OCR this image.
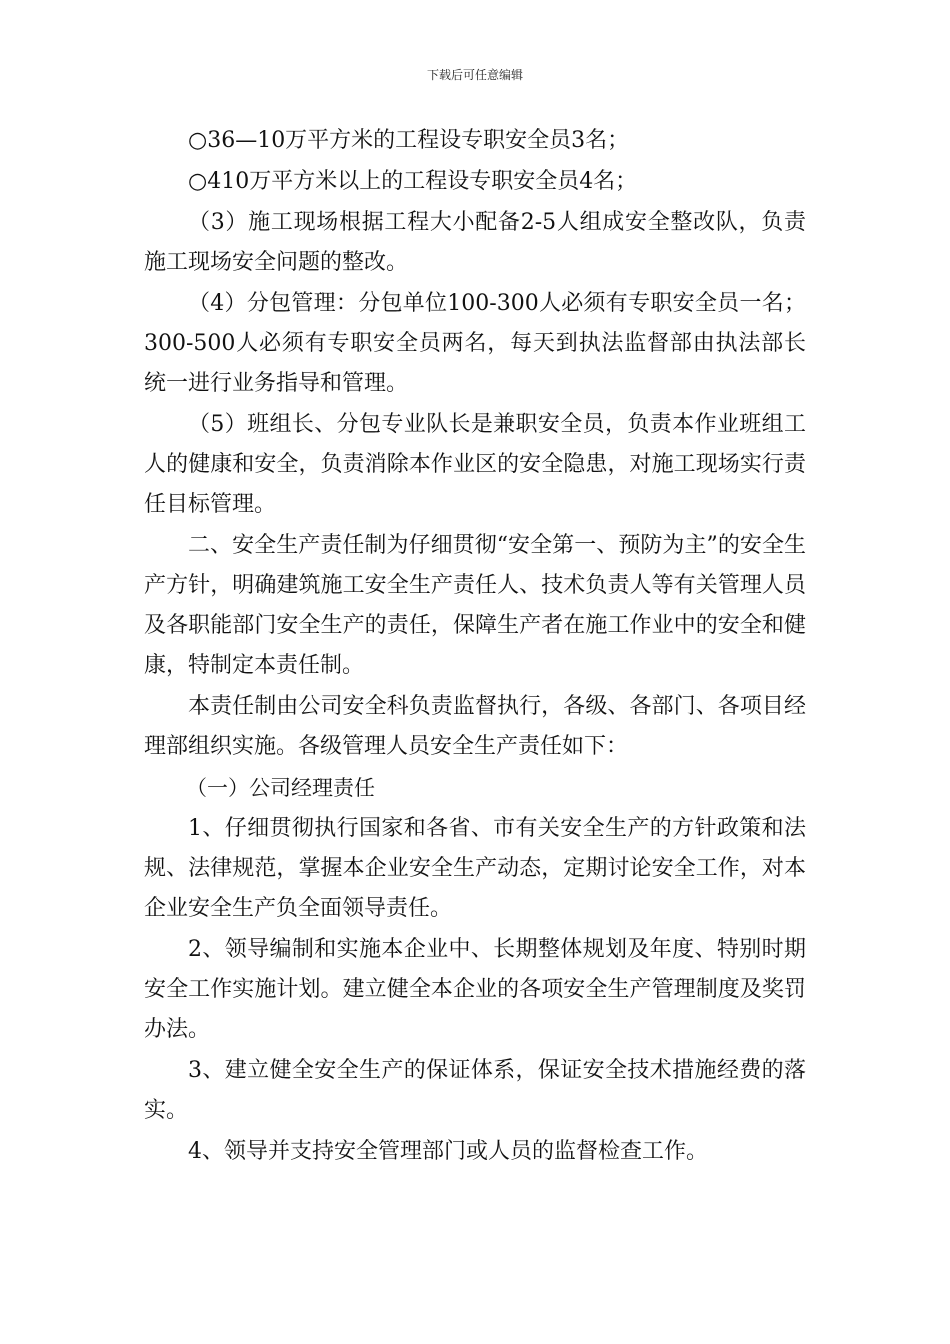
下载后可任意编辑

○36—10万平方米的工程设专职安全员3名；

○410万平方米以上的工程设专职安全员4名；

（3）施工现场根据工程大小配备2-5人组成安全整改队，负责施工现场安全问题的整改。

（4）分包管理：分包单位100-300人必须有专职安全员一名；300-500人必须有专职安全员两名，每天到执法监督部由执法部长统一进行业务指导和管理。

（5）班组长、分包专业队长是兼职安全员，负责本作业班组工人的健康和安全，负责消除本作业区的安全隐患，对施工现场实行责任目标管理。

二、安全生产责任制为仔细贯彻“安全第一、预防为主”的安全生产方针，明确建筑施工安全生产责任人、技术负责人等有关管理人员及各职能部门安全生产的责任，保障生产者在施工作业中的安全和健康，特制定本责任制。

本责任制由公司安全科负责监督执行，各级、各部门、各项目经理部组织实施。各级管理人员安全生产责任如下：

（一）公司经理责任

1、仔细贯彻执行国家和各省、市有关安全生产的方针政策和法规、法律规范，掌握本企业安全生产动态，定期讨论安全工作，对本企业安全生产负全面领导责任。

2、领导编制和实施本企业中、长期整体规划及年度、特别时期安全工作实施计划。建立健全本企业的各项安全生产管理制度及奖罚办法。

3、建立健全安全生产的保证体系，保证安全技术措施经费的落实。

4、领导并支持安全管理部门或人员的监督检查工作。
